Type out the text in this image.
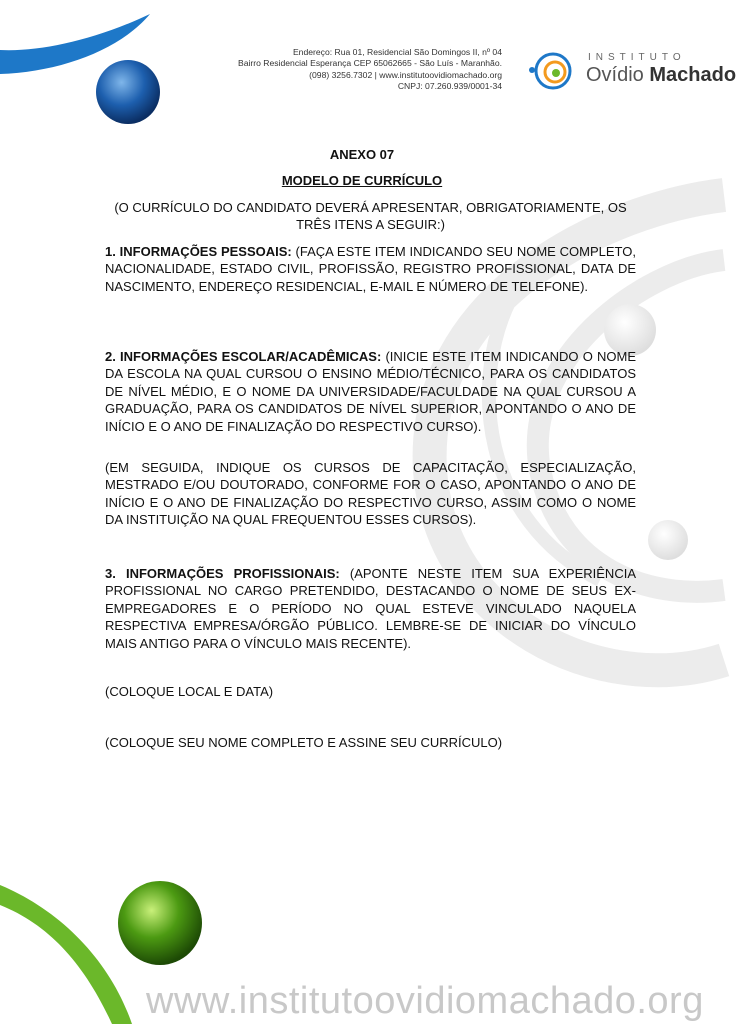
Endereço: Rua 01, Residencial São Domingos II, nº 04
Bairro Residencial Esperança CEP 65062665 - São Luís - Maranhão.
(098) 3256.7302 | www.institutoovidiomachado.org
CNPJ: 07.260.939/0001-34
INSTITUTO
Ovídio Machado
ANEXO 07
MODELO DE CURRÍCULO
(O CURRÍCULO DO CANDIDATO DEVERÁ APRESENTAR, OBRIGATORIAMENTE, OS TRÊS ITENS A SEGUIR:)
1. INFORMAÇÕES PESSOAIS: (FAÇA ESTE ITEM INDICANDO SEU NOME COMPLETO, NACIONALIDADE, ESTADO CIVIL, PROFISSÃO, REGISTRO PROFISSIONAL, DATA DE NASCIMENTO, ENDEREÇO RESIDENCIAL, E-MAIL E NÚMERO DE TELEFONE).
2. INFORMAÇÕES ESCOLAR/ACADÊMICAS: (INICIE ESTE ITEM INDICANDO O NOME DA ESCOLA NA QUAL CURSOU O ENSINO MÉDIO/TÉCNICO, PARA OS CANDIDATOS DE NÍVEL MÉDIO, E O NOME DA UNIVERSIDADE/FACULDADE NA QUAL CURSOU A GRADUAÇÃO, PARA OS CANDIDATOS DE NÍVEL SUPERIOR, APONTANDO O ANO DE INÍCIO E O ANO DE FINALIZAÇÃO DO RESPECTIVO CURSO).
(EM SEGUIDA, INDIQUE OS CURSOS DE CAPACITAÇÃO, ESPECIALIZAÇÃO, MESTRADO E/OU DOUTORADO, CONFORME FOR O CASO, APONTANDO O ANO DE INÍCIO E O ANO DE FINALIZAÇÃO DO RESPECTIVO CURSO, ASSIM COMO O NOME DA INSTITUIÇÃO NA QUAL FREQUENTOU ESSES CURSOS).
3. INFORMAÇÕES PROFISSIONAIS: (APONTE NESTE ITEM SUA EXPERIÊNCIA PROFISSIONAL NO CARGO PRETENDIDO, DESTACANDO O NOME DE SEUS EX-EMPREGADORES E O PERÍODO NO QUAL ESTEVE VINCULADO NAQUELA RESPECTIVA EMPRESA/ÓRGÃO PÚBLICO. LEMBRE-SE DE INICIAR DO VÍNCULO MAIS ANTIGO PARA O VÍNCULO MAIS RECENTE).
(COLOQUE LOCAL E DATA)
(COLOQUE SEU NOME COMPLETO E ASSINE SEU CURRÍCULO)
www.institutoovidiomachado.org
